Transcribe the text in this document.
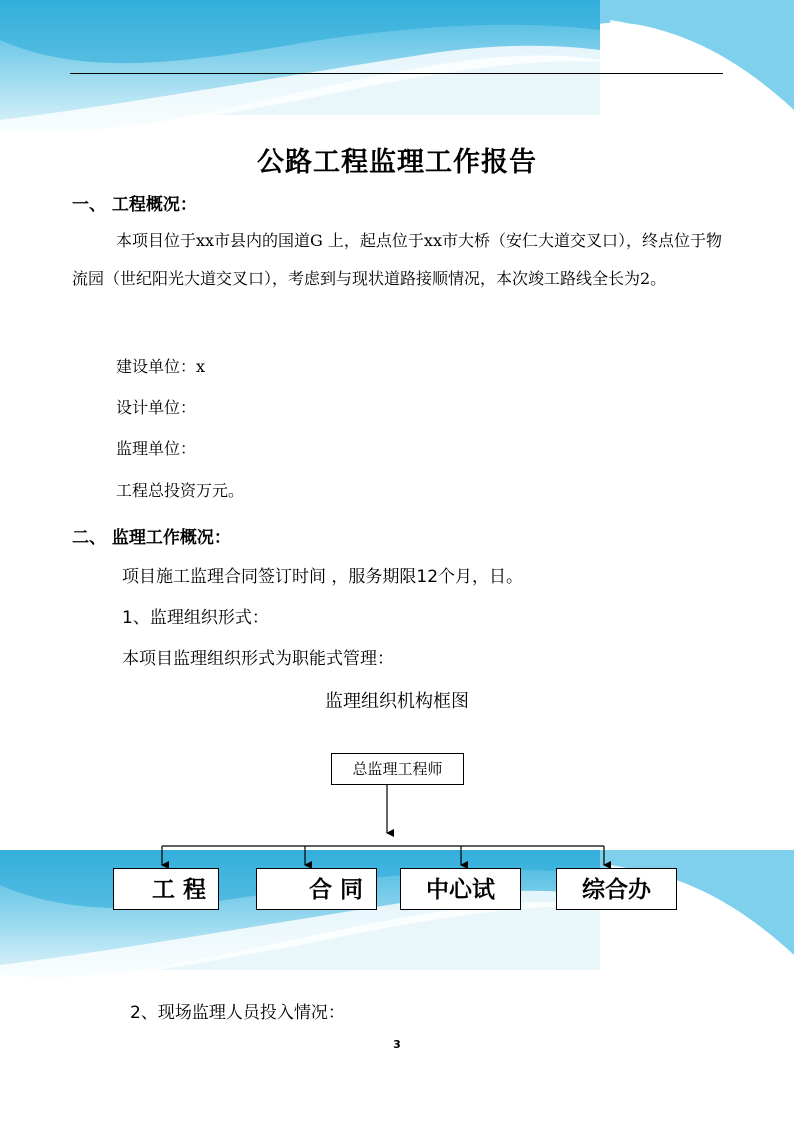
公路工程监理工作报告
一、 工程概况：
本项目位于xx市县内的国道G 上，起点位于xx市大桥（安仁大道交叉口），终点位于物流园（世纪阳光大道交叉口），考虑到与现状道路接顺情况，本次竣工路线全长为2。
建设单位：x
设计单位：
监理单位：
工程总投资万元。
二、 监理工作概况：
项目施工监理合同签订时间 ，服务期限12个月，日。
1、监理组织形式：
本项目监理组织形式为职能式管理：
监理组织机构框图
总监理工程师
工 程	合 同	中心试	综合办
2、现场监理人员投入情况：
3
